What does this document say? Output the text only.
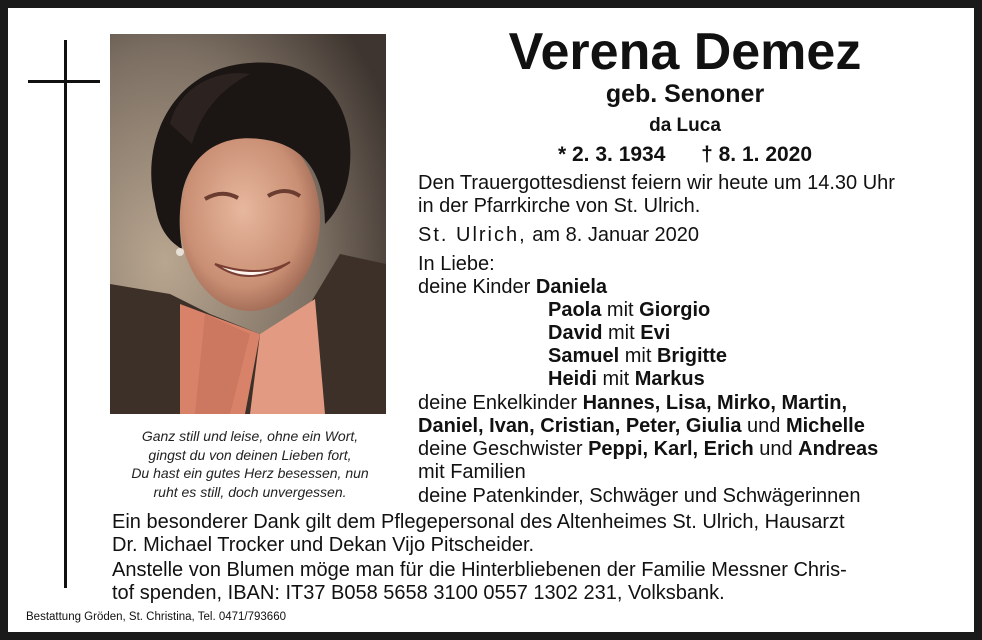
Ganz still und leise, ohne ein Wort,
gingst du von deinen Lieben fort,
Du hast ein gutes Herz besessen, nun
ruht es still, doch unvergessen.
Verena Demez
geb. Senoner
da Luca
* 2. 3. 1934 † 8. 1. 2020
Den Trauergottesdienst feiern wir heute um 14.30 Uhr
in der Pfarrkirche von St. Ulrich.
St. Ulrich, am 8. Januar 2020
In Liebe:
deine Kinder Daniela
Paola mit Giorgio
David mit Evi
Samuel mit Brigitte
Heidi mit Markus
deine Enkelkinder Hannes, Lisa, Mirko, Martin,
Daniel, Ivan, Cristian, Peter, Giulia und Michelle
deine Geschwister Peppi, Karl, Erich und Andreas
mit Familien
deine Patenkinder, Schwäger und Schwägerinnen
Ein besonderer Dank gilt dem Pflegepersonal des Altenheimes St. Ulrich, Hausarzt
Dr. Michael Trocker und Dekan Vijo Pitscheider.
Anstelle von Blumen möge man für die Hinterbliebenen der Familie Messner Chris-
tof spenden, IBAN: IT37 B058 5658 3100 0557 1302 231, Volksbank.
Bestattung Gröden, St. Christina, Tel. 0471/793660
